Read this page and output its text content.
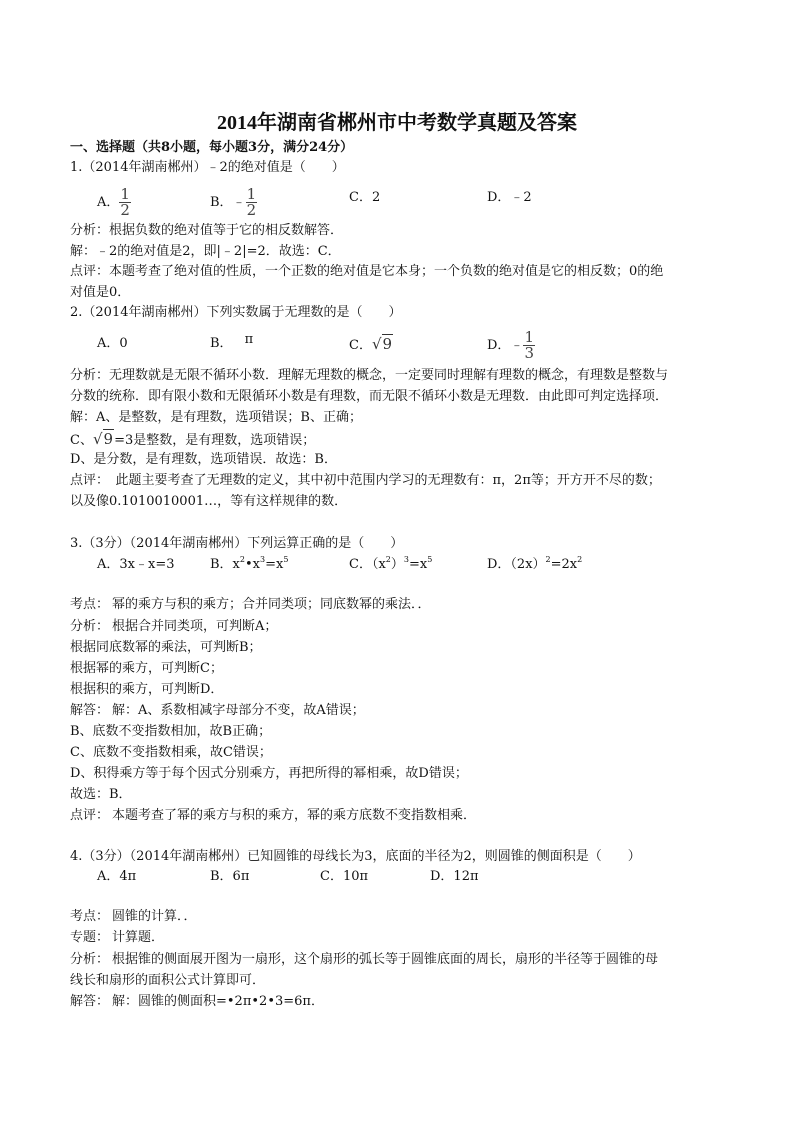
2014年湖南省郴州市中考数学真题及答案
一、选择题（共8小题，每小题3分，满分24分）
1.（2014年湖南郴州）﹣2的绝对值是（　　）
A． $\frac{1}{2}$	B．﹣ $\frac{1}{2}$	C．2	D．﹣2
分析：根据负数的绝对值等于它的相反数解答．
解：﹣2的绝对值是2，即|﹣2|=2．故选：C．
点评：本题考查了绝对值的性质，一个正数的绝对值是它本身；一个负数的绝对值是它的相反数；0的绝
对值是0．
2.（2014年湖南郴州）下列实数属于无理数的是（　　）
A．0	B． π	C．√9	D．﹣ $\frac{1}{3}$
分析：无理数就是无限不循环小数．理解无理数的概念，一定要同时理解有理数的概念，有理数是整数与
分数的统称．即有限小数和无限循环小数是有理数，而无限不循环小数是无理数．由此即可判定选择项．
解：A、是整数，是有理数，选项错误；B、正确；
C、√9=3是整数，是有理数，选项错误；
D、是分数，是有理数，选项错误．故选：B．
点评：　此题主要考查了无理数的定义，其中初中范围内学习的无理数有：π，2π等；开方开不尽的数；
以及像0.1010010001…，等有这样规律的数．
3.（3分）（2014年湖南郴州）下列运算正确的是（　　）
A．3x﹣x=3	B．$x^2•x^3=x^5$	C．$(x^2)^3=x^5$	D．$(2x)^2=2x^2$
考点： 幂的乘方与积的乘方；合并同类项；同底数幂的乘法．．
分析： 根据合并同类项，可判断A；
根据同底数幂的乘法，可判断B；
根据幂的乘方，可判断C；
根据积的乘方，可判断D．
解答： 解：A、系数相减字母部分不变，故A错误；
B、底数不变指数相加，故B正确；
C、底数不变指数相乘，故C错误；
D、积得乘方等于每个因式分别乘方，再把所得的幂相乘，故D错误；
故选：B．
点评： 本题考查了幂的乘方与积的乘方，幂的乘方底数不变指数相乘．
4.（3分）（2014年湖南郴州）已知圆锥的母线长为3，底面的半径为2，则圆锥的侧面积是（　　）
A．4π	B．6π	C．10π	D．12π
考点： 圆锥的计算．．
专题： 计算题．
分析： 根据锥的侧面展开图为一扇形，这个扇形的弧长等于圆锥底面的周长，扇形的半径等于圆锥的母
线长和扇形的面积公式计算即可．
解答： 解：圆锥的侧面积=•2π•2•3=6π．
